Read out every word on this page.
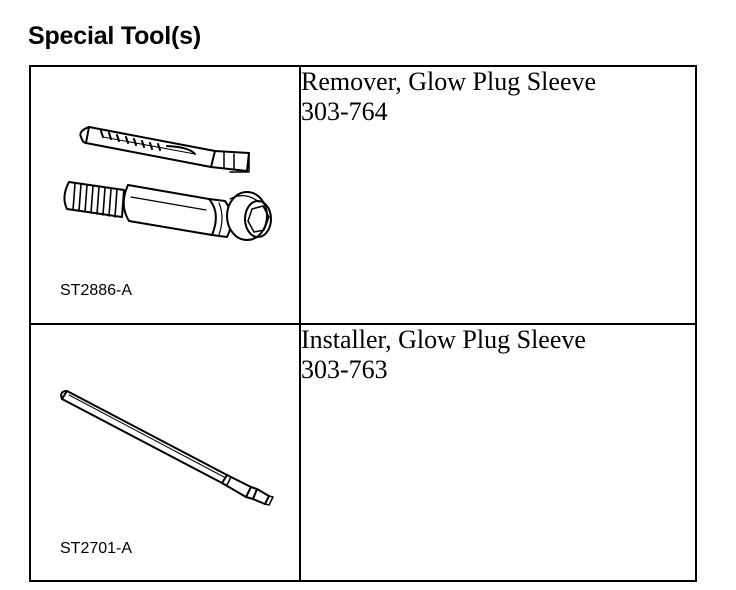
Special Tool(s)
ST2886-A	Remover, Glow Plug Sleeve
303-764

ST2701-A	Installer, Glow Plug Sleeve
303-763
